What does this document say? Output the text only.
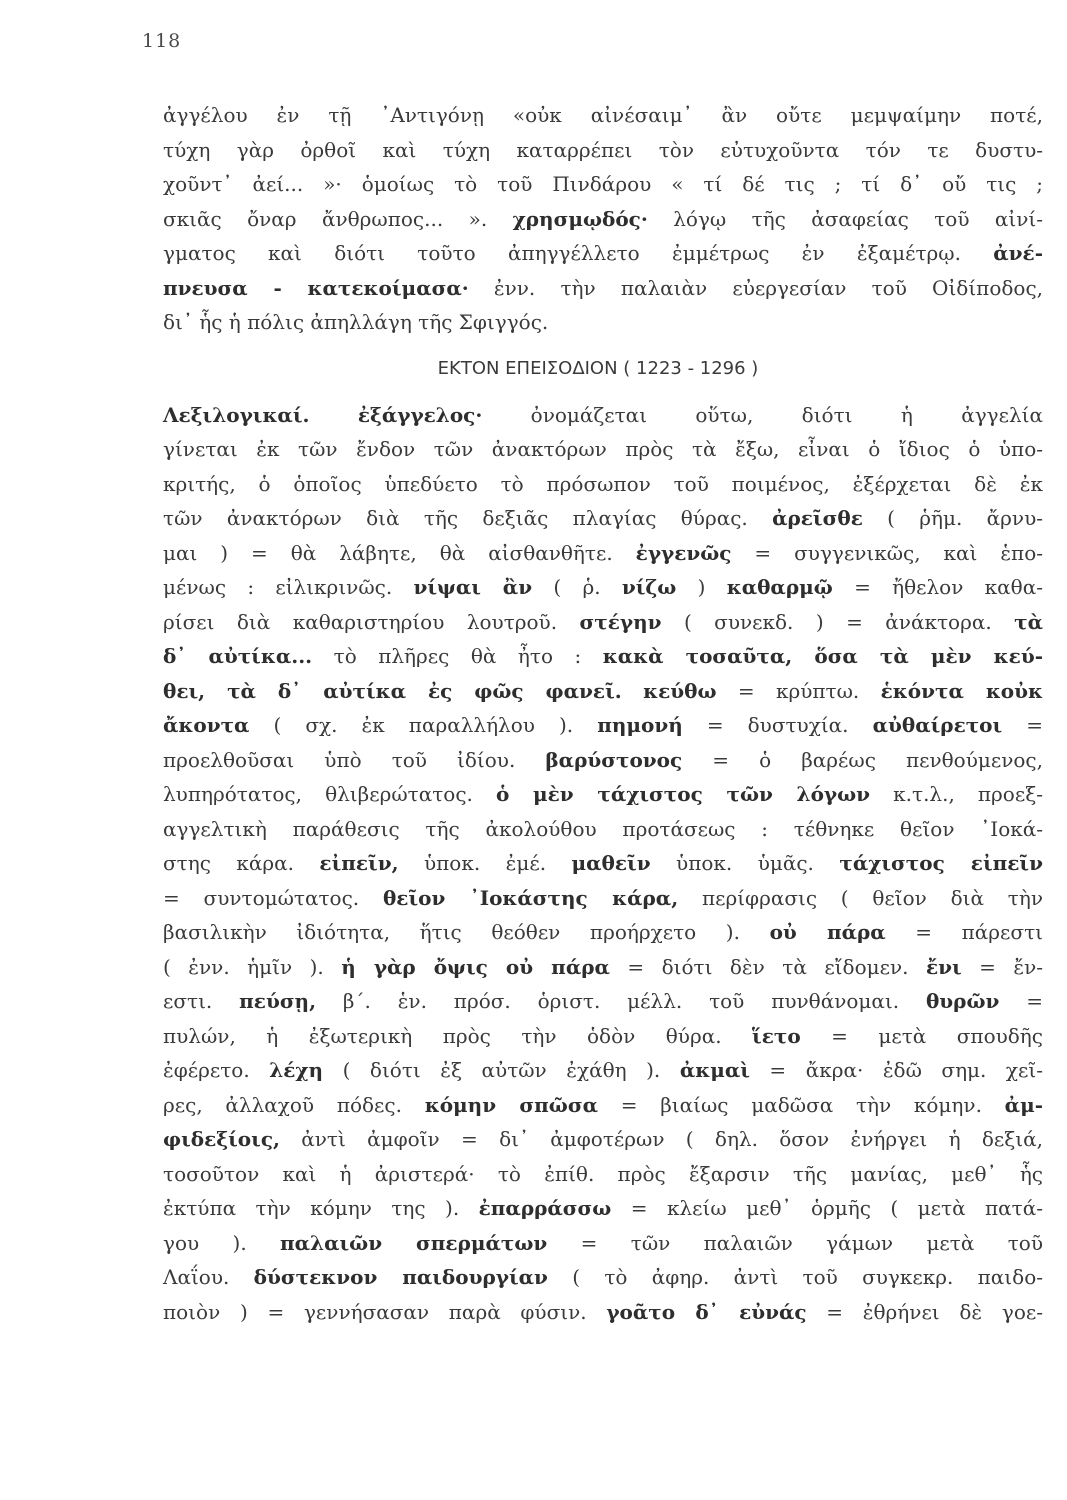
118
ἀγγέλου ἐν τῇ ᾿Αντιγόνῃ «οὐκ αἰνέσαιμ᾿ ἂν οὔτε μεμψαίμην ποτέ,
τύχη γὰρ ὀρθοῖ καὶ τύχη καταρρέπει τὸν εὐτυχοῦντα τόν τε δυστυ-
χοῦντ᾿ ἀεί... »· ὁμοίως τὸ τοῦ Πινδάρου « τί δέ τις ; τί δ᾿ οὔ τις ;
σκιᾶς ὄναρ ἄνθρωπος... ». χρησμῳδός· λόγῳ τῆς ἀσαφείας τοῦ αἰνί-
γματος καὶ διότι τοῦτο ἀπηγγέλλετο ἐμμέτρως ἐν ἐξαμέτρῳ. ἀνέ-
πνευσα - κατεκοίμασα· ἐνν. τὴν παλαιὰν εὐεργεσίαν τοῦ Οἰδίποδος,
δι᾿ ἧς ἡ πόλις ἀπηλλάγη τῆς Σφιγγός.
ΕΚΤΟΝ ΕΠΕΙΣΟΔΙΟΝ ( 1223 - 1296 )
Λεξιλογικαί. ἐξάγγελος· ὀνομάζεται οὕτω, διότι ἡ ἀγγελία
γίνεται ἐκ τῶν ἔνδον τῶν ἀνακτόρων πρὸς τὰ ἔξω, εἶναι ὁ ἴδιος ὁ ὑπο-
κριτής, ὁ ὁποῖος ὑπεδύετο τὸ πρόσωπον τοῦ ποιμένος, ἐξέρχεται δὲ ἐκ
τῶν ἀνακτόρων διὰ τῆς δεξιᾶς πλαγίας θύρας. ἀρεῖσθε ( ῥῆμ. ἄρνυ-
μαι ) = θὰ λάβητε, θὰ αἰσθανθῆτε. ἐγγενῶς = συγγενικῶς, καὶ ἑπο-
μένως : εἰλικρινῶς. νίψαι ἂν ( ῥ. νίζω ) καθαρμῷ = ἤθελον καθα-
ρίσει διὰ καθαριστηρίου λουτροῦ. στέγην ( συνεκδ. ) = ἀνάκτορα. τὰ
δ᾿ αὐτίκα... τὸ πλῆρες θὰ ἦτο : κακὰ τοσαῦτα, ὅσα τὰ μὲν κεύ-
θει, τὰ δ᾿ αὐτίκα ἐς φῶς φανεῖ. κεύθω = κρύπτω. ἑκόντα κοὐκ
ἄκοντα ( σχ. ἐκ παραλλήλου ). πημονή = δυστυχία. αὐθαίρετοι =
προελθοῦσαι ὑπὸ τοῦ ἰδίου. βαρύστονος = ὁ βαρέως πενθούμενος,
λυπηρότατος, θλιβερώτατος. ὁ μὲν τάχιστος τῶν λόγων κ.τ.λ., προεξ-
αγγελτικὴ παράθεσις τῆς ἀκολούθου προτάσεως : τέθνηκε θεῖον ᾿Ιοκά-
στης κάρα. εἰπεῖν, ὑποκ. ἐμέ. μαθεῖν ὑποκ. ὑμᾶς. τάχιστος εἰπεῖν
= συντομώτατος. θεῖον ᾿Ιοκάστης κάρα, περίφρασις ( θεῖον διὰ τὴν
βασιλικὴν ἰδιότητα, ἥτις θεόθεν προήρχετο ). οὐ πάρα = πάρεστι
( ἐνν. ἡμῖν ). ἡ γὰρ ὄψις οὐ πάρα = διότι δὲν τὰ εἴδομεν. ἔνι = ἔν-
εστι. πεύσῃ, β΄. ἑν. πρόσ. ὁριστ. μέλλ. τοῦ πυνθάνομαι. θυρῶν =
πυλών, ἡ ἐξωτερικὴ πρὸς τὴν ὁδὸν θύρα. ἵετο = μετὰ σπουδῆς
ἐφέρετο. λέχη ( διότι ἐξ αὐτῶν ἐχάθη ). ἀκμαὶ = ἄκρα· ἐδῶ σημ. χεῖ-
ρες, ἀλλαχοῦ πόδες. κόμην σπῶσα = βιαίως μαδῶσα τὴν κόμην. ἀμ-
φιδεξίοις, ἀντὶ ἀμφοῖν = δι᾿ ἀμφοτέρων ( δηλ. ὅσον ἐνήργει ἡ δεξιά,
τοσοῦτον καὶ ἡ ἀριστερά· τὸ ἐπίθ. πρὸς ἔξαρσιν τῆς μανίας, μεθ᾿ ἧς
ἐκτύπα τὴν κόμην της ). ἐπαρράσσω = κλείω μεθ᾿ ὁρμῆς ( μετὰ πατά-
γου ). παλαιῶν σπερμάτων = τῶν παλαιῶν γάμων μετὰ τοῦ
Λαΐου. δύστεκνον παιδουργίαν ( τὸ ἀφηρ. ἀντὶ τοῦ συγκεκρ. παιδο-
ποιὸν ) = γεννήσασαν παρὰ φύσιν. γοᾶτο δ᾿ εὐνάς = ἐθρήνει δὲ γοε-
